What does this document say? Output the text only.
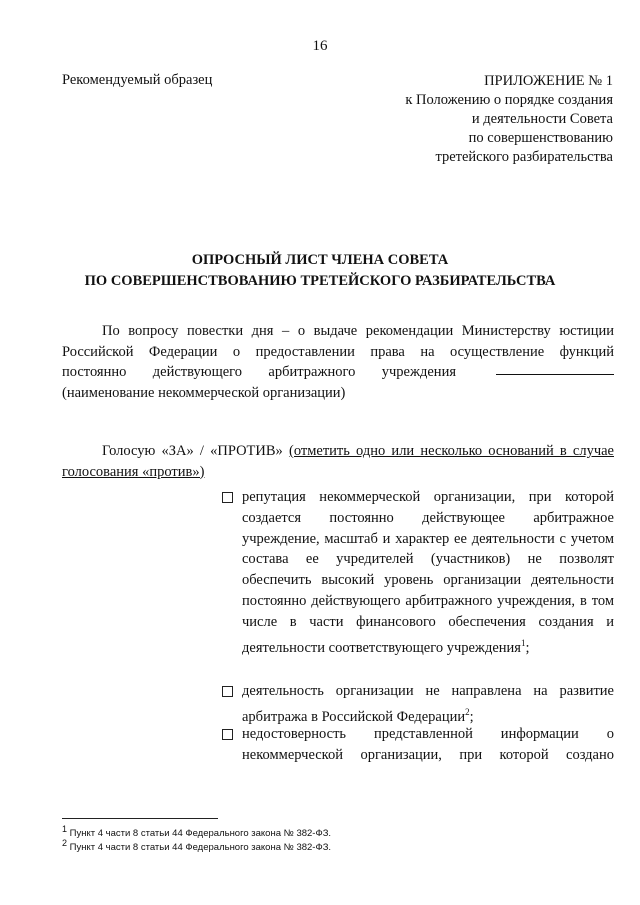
16
Рекомендуемый образец	ПРИЛОЖЕНИЕ № 1
к Положению о порядке создания
и деятельности Совета
по совершенствованию
третейского разбирательства
ОПРОСНЫЙ ЛИСТ ЧЛЕНА СОВЕТА
ПО СОВЕРШЕНСТВОВАНИЮ ТРЕТЕЙСКОГО РАЗБИРАТЕЛЬСТВА
По вопросу повестки дня – о выдаче рекомендации Министерству юстиции
Российской Федерации о предоставлении права на осуществление функций
постоянно действующего арбитражного учреждения
(наименование некоммерческой организации)
Голосую «ЗА» / «ПРОТИВ» (отметить одно или несколько оснований в случае
голосования «против»)
репутация некоммерческой организации, при которой создается постоянно действующее арбитражное учреждение, масштаб и характер ее деятельности с учетом состава ее учредителей (участников) не позволят обеспечить высокий уровень организации деятельности постоянно действующего арбитражного учреждения, в том числе в части финансового обеспечения создания и деятельности соответствующего учреждения$^1$;
деятельность организации не направлена на развитие арбитража в Российской Федерации$^2$;
недостоверность представленной информации о некоммерческой организации, при которой создано
$^1$ Пункт 4 части 8 статьи 44 Федерального закона № 382-ФЗ.
$^2$ Пункт 4 части 8 статьи 44 Федерального закона № 382-ФЗ.
